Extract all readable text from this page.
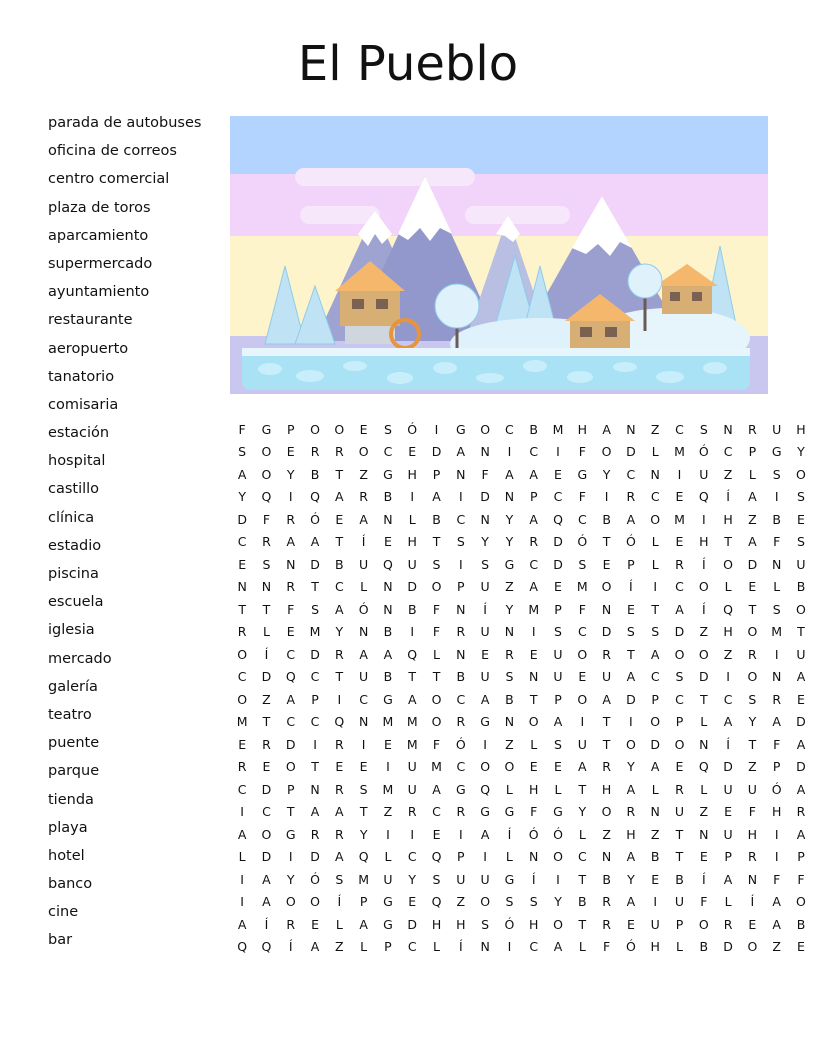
El Pueblo
parada de autobuses
oficina de correos
centro comercial
plaza de toros
aparcamiento
supermercado
ayuntamiento
restaurante
aeropuerto
tanatorio
comisaria
estación
hospital
castillo
clínica
estadio
piscina
escuela
iglesia
mercado
galería
teatro
puente
parque
tienda
playa
hotel
banco
cine
bar
F	G	P	O	O	E	S	Ó	I	G	O	C	B	M	H	A	N	Z	C	S	N	R	U	H
S	O	E	R	R	O	C	E	D	A	N	I	C	I	F	O	D	L	M	Ó	C	P	G	Y
A	O	Y	B	T	Z	G	H	P	N	F	A	A	E	G	Y	C	N	I	U	Z	L	S	O
Y	Q	I	Q	A	R	B	I	A	I	D	N	P	C	F	I	R	C	E	Q	Í	A	I	S
D	F	R	Ó	E	A	N	L	B	C	N	Y	A	Q	C	B	A	O	M	I	H	Z	B	E
C	R	A	A	T	Í	E	H	T	S	Y	Y	R	D	Ó	T	Ó	L	E	H	T	A	F	S
E	S	N	D	B	U	Q	U	S	I	S	G	C	D	S	E	P	L	R	Í	O	D	N	U
N	N	R	T	C	L	N	D	O	P	U	Z	A	E	M	O	Í	I	C	O	L	E	L	B
T	T	F	S	A	Ó	N	B	F	N	Í	Y	M	P	F	N	E	T	A	Í	Q	T	S	O
R	L	E	M	Y	N	B	I	F	R	U	N	I	S	C	D	S	S	D	Z	H	O	M	T
O	Í	C	D	R	A	A	Q	L	N	E	R	E	U	O	R	T	A	O	O	Z	R	I	U
C	D	Q	C	T	U	B	T	T	B	U	S	N	U	E	U	A	C	S	D	I	O	N	A
O	Z	A	P	I	C	G	A	O	C	A	B	T	P	O	A	D	P	C	T	C	S	R	E
M	T	C	C	Q	N	M	M	O	R	G	N	O	A	I	T	I	O	P	L	A	Y	A	D
E	R	D	I	R	I	E	M	F	Ó	I	Z	L	S	U	T	O	D	O	N	Í	T	F	A
R	E	O	T	E	E	I	U	M	C	O	O	E	E	A	R	Y	A	E	Q	D	Z	P	D
C	D	P	N	R	S	M	U	A	G	Q	L	H	L	T	H	A	L	R	L	U	U	Ó	A
I	C	T	A	A	T	Z	R	C	R	G	G	F	G	Y	O	R	N	U	Z	E	F	H	R
A	O	G	R	R	Y	I	I	E	I	A	Í	Ó	Ó	L	Z	H	Z	T	N	U	H	I	A
L	D	I	D	A	Q	L	C	Q	P	I	L	N	O	C	N	A	B	T	E	P	R	I	P
I	A	Y	Ó	S	M	U	Y	S	U	U	G	Í	I	T	B	Y	E	B	Í	A	N	F	F
I	A	O	O	Í	P	G	E	Q	Z	O	S	S	Y	B	R	A	I	U	F	L	Í	A	O
A	Í	R	E	L	A	G	D	H	H	S	Ó	H	O	T	R	E	U	P	O	R	E	A	B
Q	Q	Í	A	Z	L	P	C	L	Í	N	I	C	A	L	F	Ó	H	L	B	D	O	Z	E
